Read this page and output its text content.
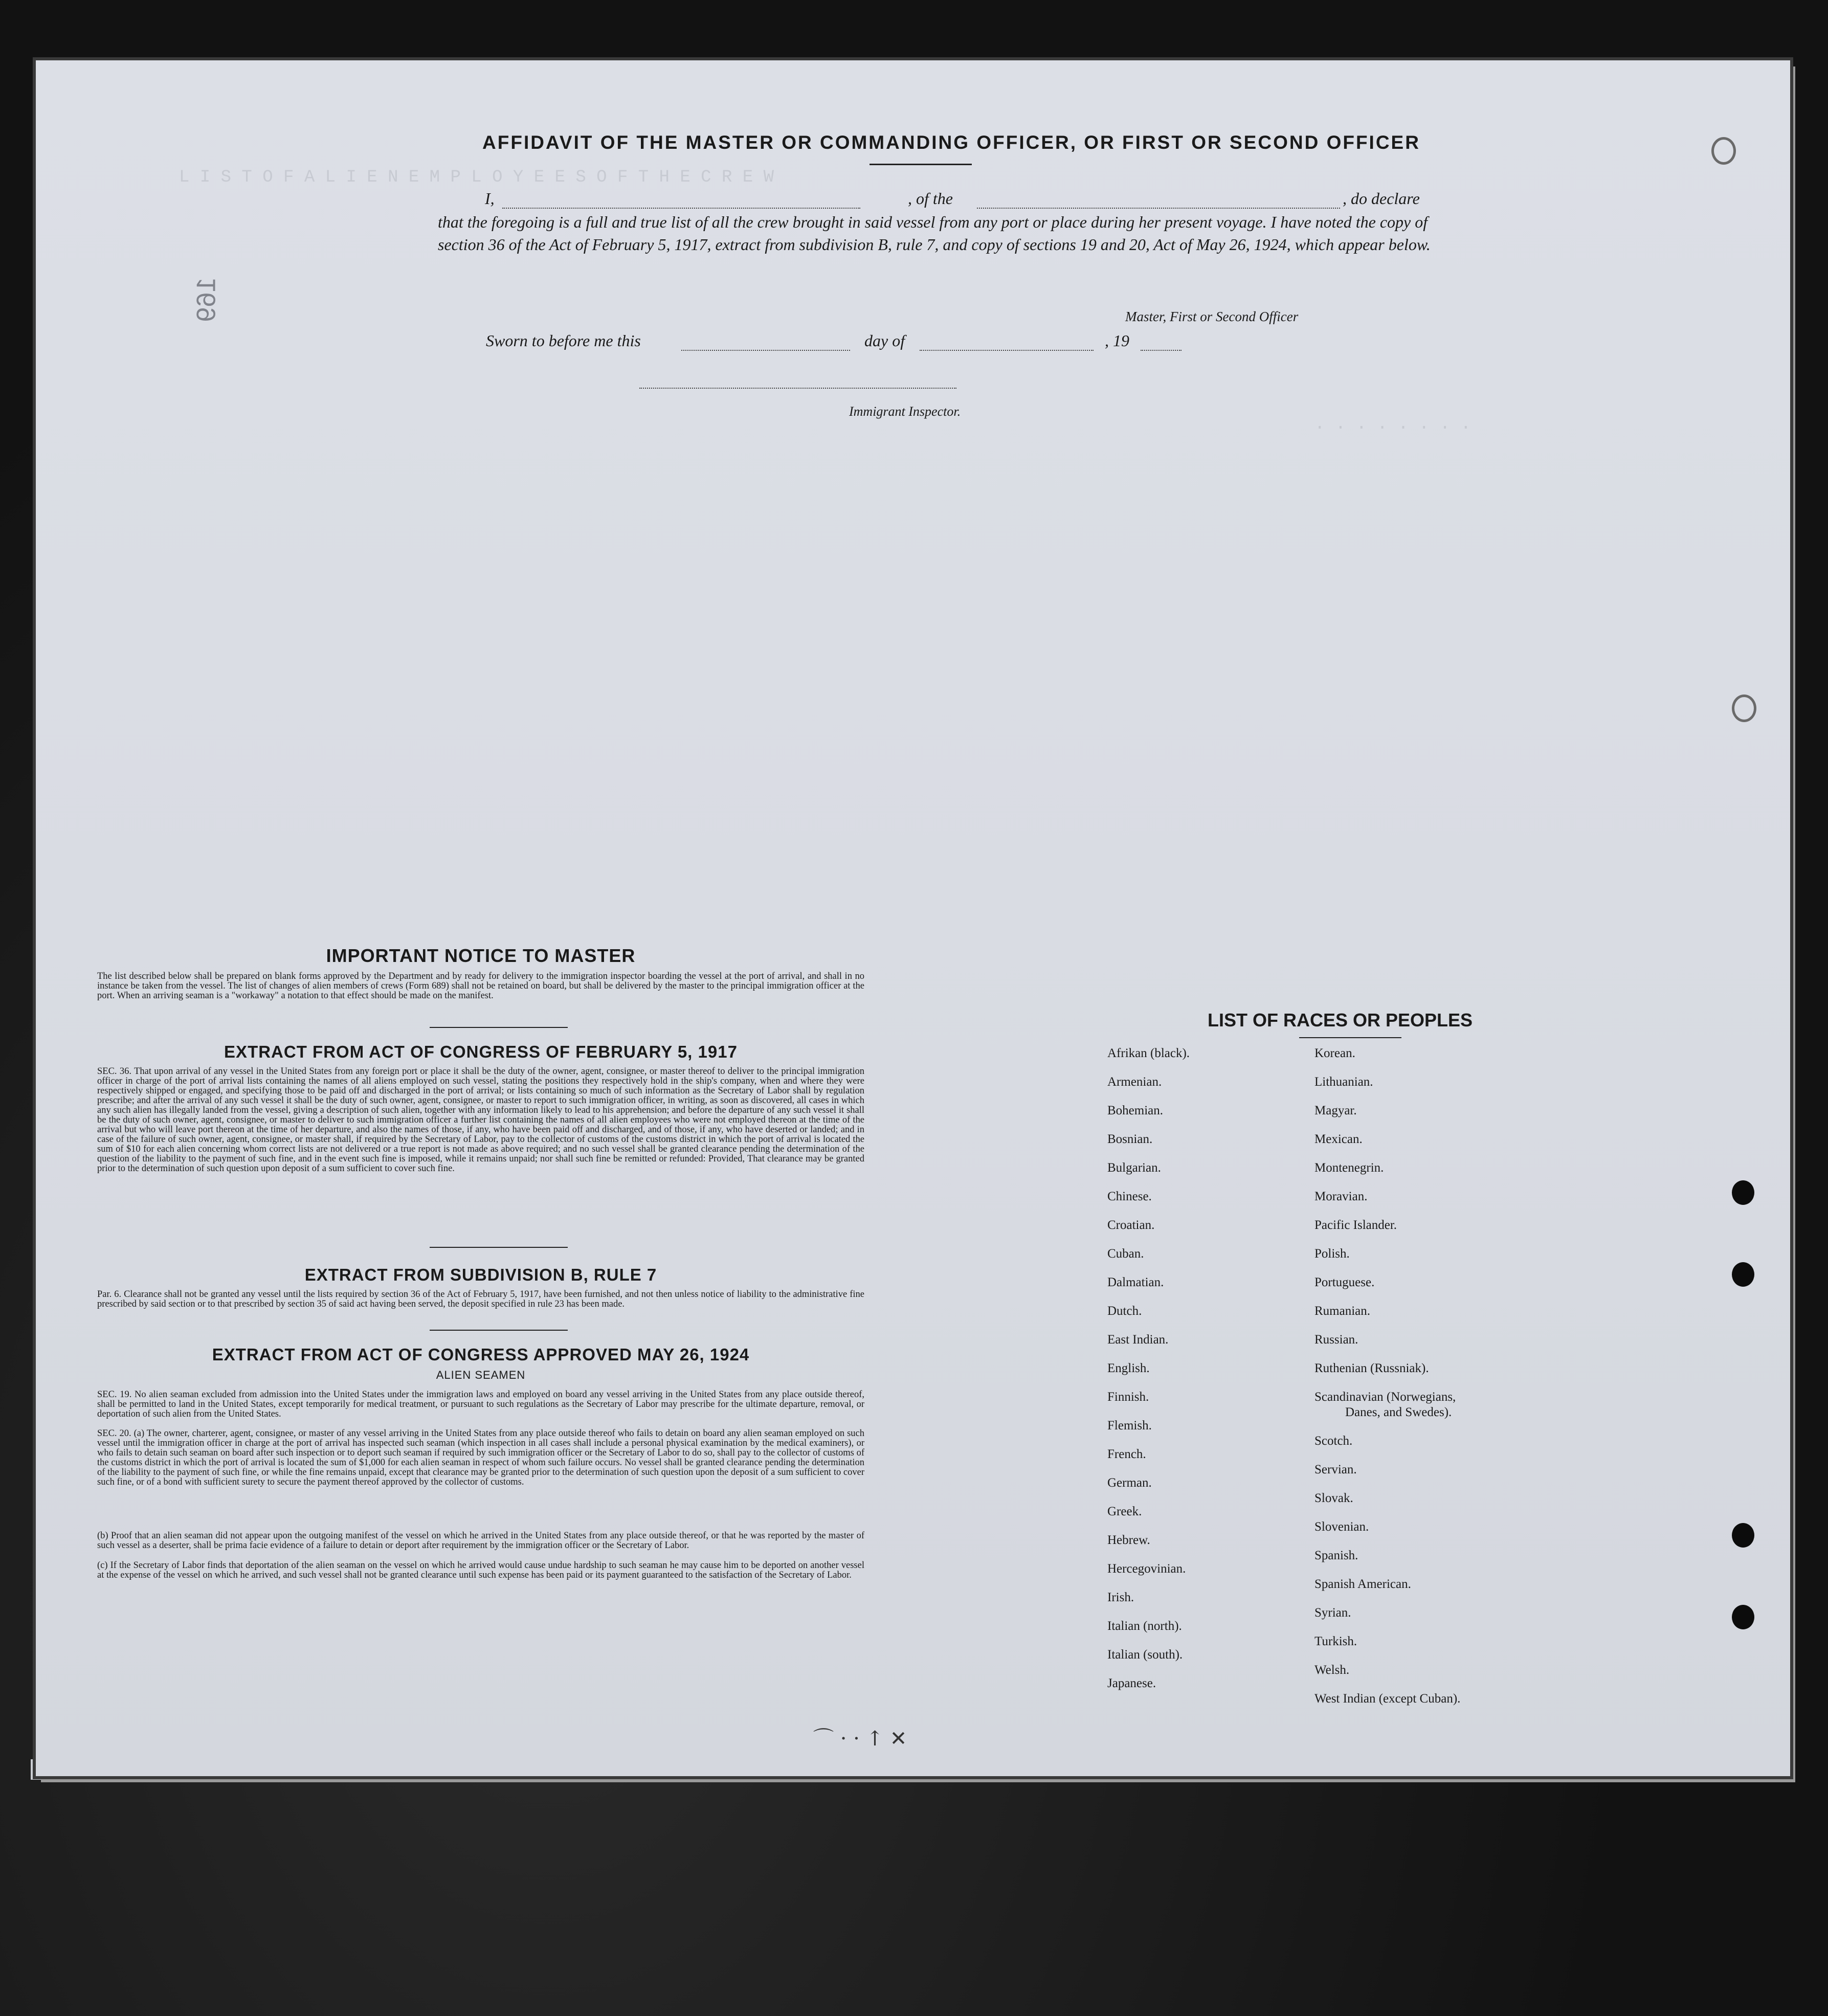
L I S T O F A L I E N E M P L O Y E E S O F T H E C R E W
· · · · · · · ·
169
AFFIDAVIT OF THE MASTER OR COMMANDING OFFICER, OR FIRST OR SECOND OFFICER
I,	, of the	, do declare
that the foregoing is a full and true list of all the crew brought in said vessel from any port or place during her present voyage. I have noted the copy of section 36 of the Act of February 5, 1917, extract from subdivision B, rule 7, and copy of sections 19 and 20, Act of May 26, 1924, which appear below.
Master, First or Second Officer
Sworn to before me this	day of	, 19
Immigrant Inspector.
IMPORTANT NOTICE TO MASTER
The list described below shall be prepared on blank forms approved by the Department and by ready for delivery to the immigration inspector boarding the vessel at the port of arrival, and shall in no instance be taken from the vessel. The list of changes of alien members of crews (Form 689) shall not be retained on board, but shall be delivered by the master to the principal immigration officer at the port. When an arriving seaman is a "workaway" a notation to that effect should be made on the manifest.
EXTRACT FROM ACT OF CONGRESS OF FEBRUARY 5, 1917
SEC. 36. That upon arrival of any vessel in the United States from any foreign port or place it shall be the duty of the owner, agent, consignee, or master thereof to deliver to the principal immigration officer in charge of the port of arrival lists containing the names of all aliens employed on such vessel, stating the positions they respectively hold in the ship's company, when and where they were respectively shipped or engaged, and specifying those to be paid off and discharged in the port of arrival; or lists containing so much of such information as the Secretary of Labor shall by regulation prescribe; and after the arrival of any such vessel it shall be the duty of such owner, agent, consignee, or master to report to such immigration officer, in writing, as soon as discovered, all cases in which any such alien has illegally landed from the vessel, giving a description of such alien, together with any information likely to lead to his apprehension; and before the departure of any such vessel it shall be the duty of such owner, agent, consignee, or master to deliver to such immigration officer a further list containing the names of all alien employees who were not employed thereon at the time of the arrival but who will leave port thereon at the time of her departure, and also the names of those, if any, who have been paid off and discharged, and of those, if any, who have deserted or landed; and in case of the failure of such owner, agent, consignee, or master shall, if required by the Secretary of Labor, pay to the collector of customs of the customs district in which the port of arrival is located the sum of $10 for each alien concerning whom correct lists are not delivered or a true report is not made as above required; and no such vessel shall be granted clearance pending the determination of the question of the liability to the payment of such fine, and in the event such fine is imposed, while it remains unpaid; nor shall such fine be remitted or refunded: Provided, That clearance may be granted prior to the determination of such question upon deposit of a sum sufficient to cover such fine.
EXTRACT FROM SUBDIVISION B, RULE 7
Par. 6. Clearance shall not be granted any vessel until the lists required by section 36 of the Act of February 5, 1917, have been furnished, and not then unless notice of liability to the administrative fine prescribed by said section or to that prescribed by section 35 of said act having been served, the deposit specified in rule 23 has been made.
EXTRACT FROM ACT OF CONGRESS APPROVED MAY 26, 1924
ALIEN SEAMEN
SEC. 19. No alien seaman excluded from admission into the United States under the immigration laws and employed on board any vessel arriving in the United States from any place outside thereof, shall be permitted to land in the United States, except temporarily for medical treatment, or pursuant to such regulations as the Secretary of Labor may prescribe for the ultimate departure, removal, or deportation of such alien from the United States.
SEC. 20. (a) The owner, charterer, agent, consignee, or master of any vessel arriving in the United States from any place outside thereof who fails to detain on board any alien seaman employed on such vessel until the immigration officer in charge at the port of arrival has inspected such seaman (which inspection in all cases shall include a personal physical examination by the medical examiners), or who fails to detain such seaman on board after such inspection or to deport such seaman if required by such immigration officer or the Secretary of Labor to do so, shall pay to the collector of customs of the customs district in which the port of arrival is located the sum of $1,000 for each alien seaman in respect of whom such failure occurs. No vessel shall be granted clearance pending the determination of the liability to the payment of such fine, or while the fine remains unpaid, except that clearance may be granted prior to the determination of such question upon the deposit of a sum sufficient to cover such fine, or of a bond with sufficient surety to secure the payment thereof approved by the collector of customs.
(b) Proof that an alien seaman did not appear upon the outgoing manifest of the vessel on which he arrived in the United States from any place outside thereof, or that he was reported by the master of such vessel as a deserter, shall be prima facie evidence of a failure to detain or deport after requirement by the immigration officer or the Secretary of Labor.
(c) If the Secretary of Labor finds that deportation of the alien seaman on the vessel on which he arrived would cause undue hardship to such seaman he may cause him to be deported on another vessel at the expense of the vessel on which he arrived, and such vessel shall not be granted clearance until such expense has been paid or its payment guaranteed to the satisfaction of the Secretary of Labor.
LIST OF RACES OR PEOPLES
Afrikan (black).
Armenian.
Bohemian.
Bosnian.
Bulgarian.
Chinese.
Croatian.
Cuban.
Dalmatian.
Dutch.
East Indian.
English.
Finnish.
Flemish.
French.
German.
Greek.
Hebrew.
Hercegovinian.
Irish.
Italian (north).
Italian (south).
Japanese.
Korean.
Lithuanian.
Magyar.
Mexican.
Montenegrin.
Moravian.
Pacific Islander.
Polish.
Portuguese.
Rumanian.
Russian.
Ruthenian (Russniak).
Scandinavian (Norwegians,
Danes, and Swedes).
Scotch.
Servian.
Slovak.
Slovenian.
Spanish.
Spanish American.
Syrian.
Turkish.
Welsh.
West Indian (except Cuban).
⌒ · · ↑ ✕
